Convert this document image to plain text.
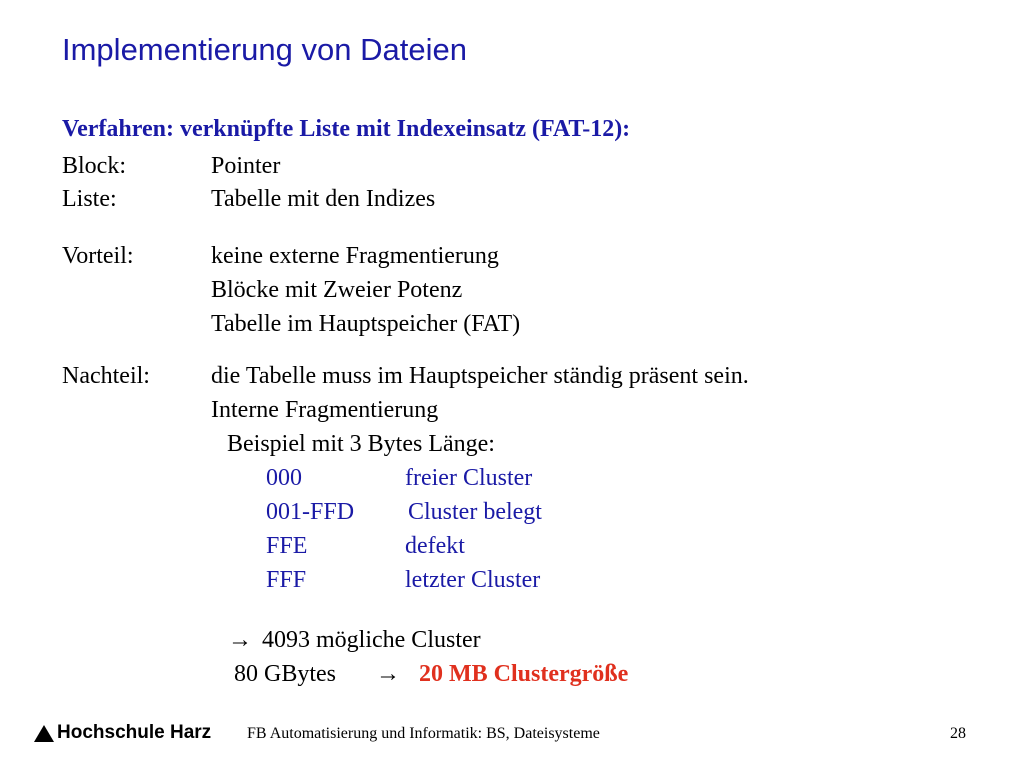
Implementierung von Dateien
Verfahren: verknüpfte Liste mit Indexeinsatz (FAT-12):
Block:	Pointer
Liste:	Tabelle mit den Indizes
Vorteil:	keine externe Fragmentierung
Blöcke mit Zweier Potenz
Tabelle im Hauptspeicher (FAT)
Nachteil:	die Tabelle muss im Hauptspeicher ständig präsent sein.
Interne Fragmentierung
Beispiel mit 3 Bytes Länge:
000	freier Cluster
001-FFD Cluster belegt
FFE	defekt
FFF	letzter Cluster
→ 4093 mögliche Cluster
80 GBytes → 20 MB Clustergröße
Hochschule Harz FB Automatisierung und Informatik: BS, Dateisysteme	28
